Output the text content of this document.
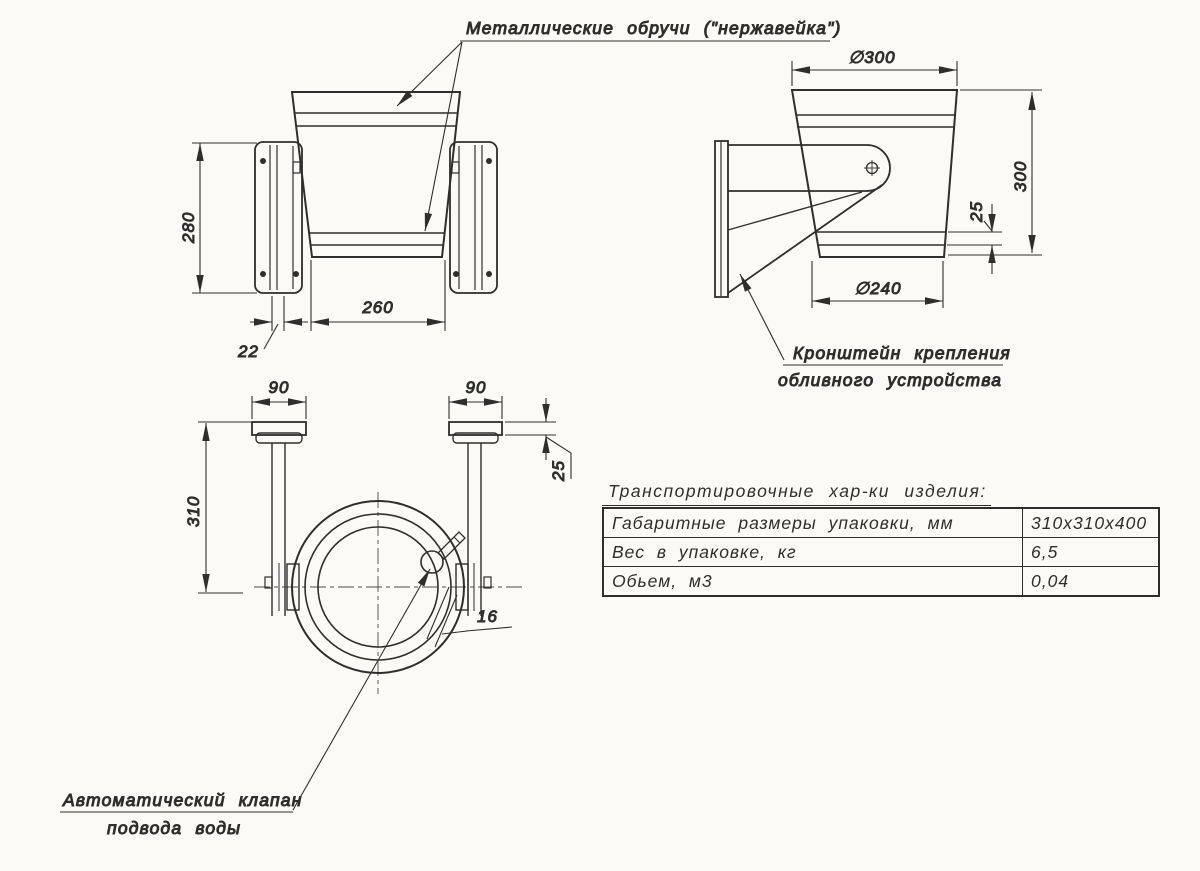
280
260
22
Металлические обручи ("нержавейка")
∅300
300
25
∅240
Кронштейн крепления
обливного устройства
90	90
25
310
16
Автоматический клапан
подвода воды
Транспортировочные хар-ки изделия:
Габаритные размеры упаковки, мм	310х310х400
Вес в упаковке, кг	6,5
Обьем, м3	0,04
